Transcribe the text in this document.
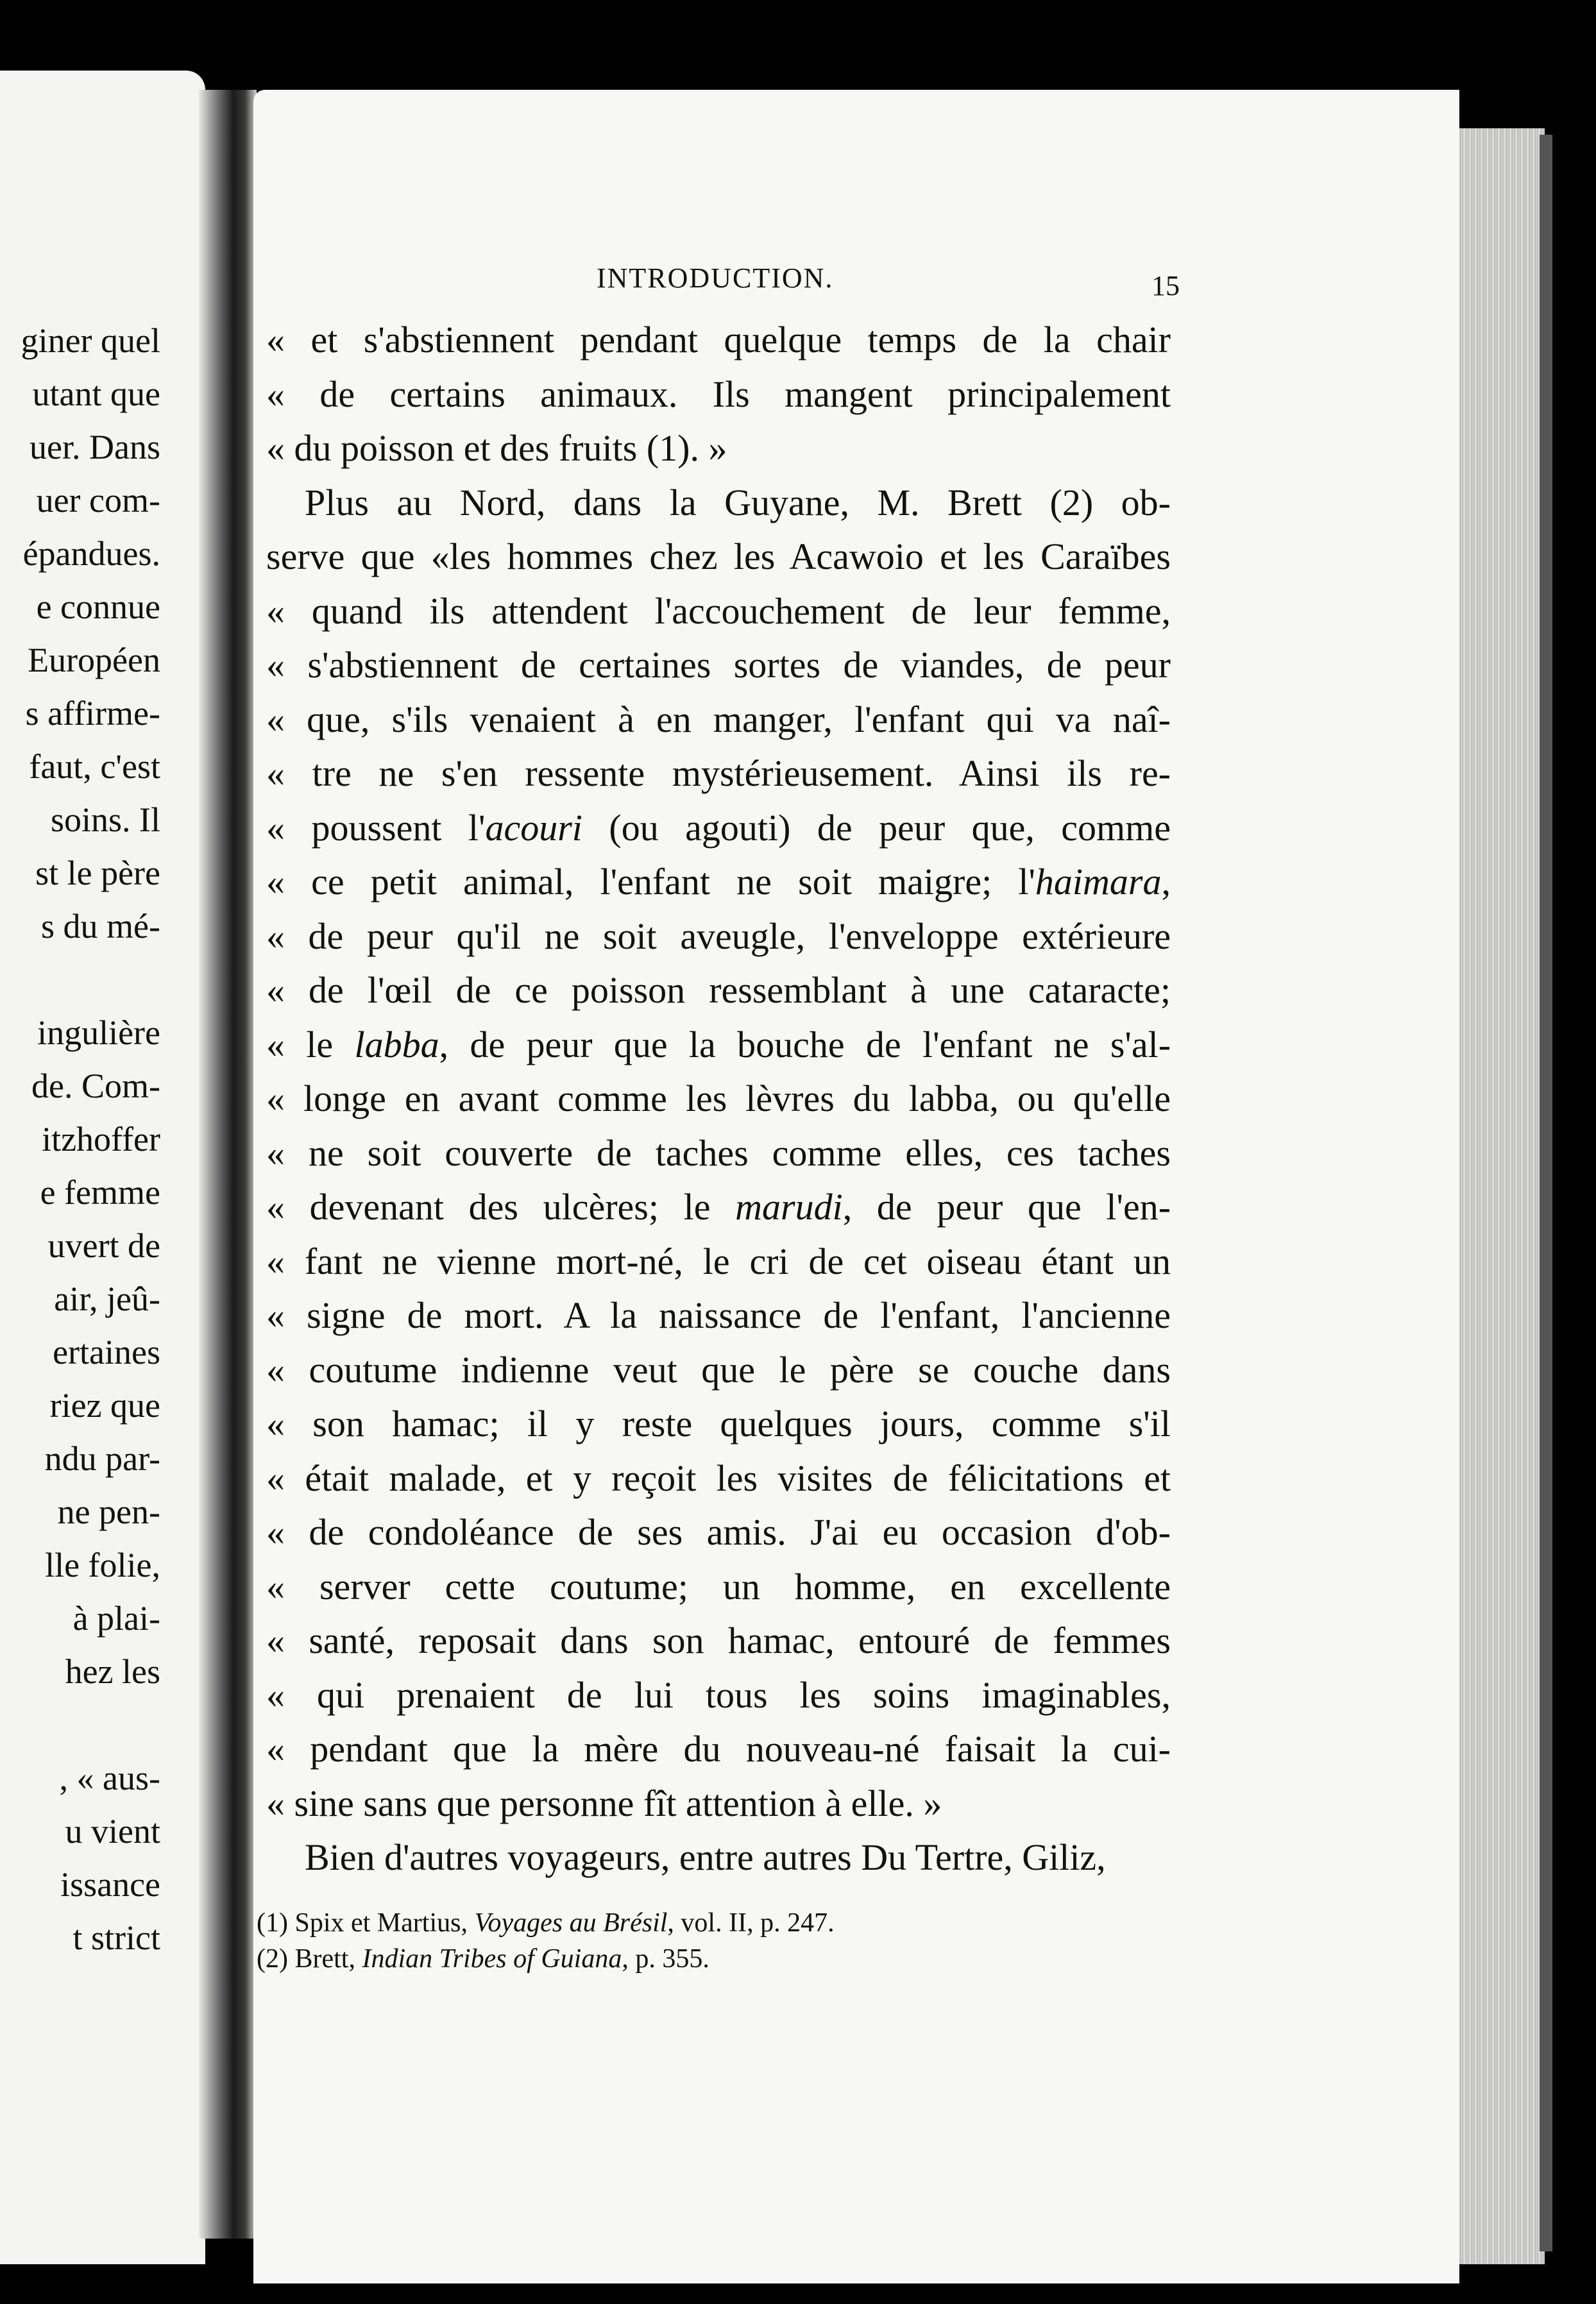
giner quel
utant que
uer. Dans
uer com-
épandues.
e connue
Européen
s affirme-
faut, c'est
soins. Il
st le père
s du mé-
ingulière
de. Com-
itzhoffer
e femme
uvert de
air, jeû-
ertaines
riez que
ndu par-
ne pen-
lle folie,
à plai-
hez les
, « aus-
u vient
issance
t strict
INTRODUCTION.	15
« et s'abstiennent pendant quelque temps de la chair
« de certains animaux. Ils mangent principalement
« du poisson et des fruits (1). »
Plus au Nord, dans la Guyane, M. Brett (2) ob-
serve que «les hommes chez les Acawoio et les Caraïbes
« quand ils attendent l'accouchement de leur femme,
« s'abstiennent de certaines sortes de viandes, de peur
« que, s'ils venaient à en manger, l'enfant qui va naî-
« tre ne s'en ressente mystérieusement. Ainsi ils re-
« poussent l'acouri (ou agouti) de peur que, comme
« ce petit animal, l'enfant ne soit maigre; l'haimara,
« de peur qu'il ne soit aveugle, l'enveloppe extérieure
« de l'œil de ce poisson ressemblant à une cataracte;
« le labba, de peur que la bouche de l'enfant ne s'al-
« longe en avant comme les lèvres du labba, ou qu'elle
« ne soit couverte de taches comme elles, ces taches
« devenant des ulcères; le marudi, de peur que l'en-
« fant ne vienne mort-né, le cri de cet oiseau étant un
« signe de mort. A la naissance de l'enfant, l'ancienne
« coutume indienne veut que le père se couche dans
« son hamac; il y reste quelques jours, comme s'il
« était malade, et y reçoit les visites de félicitations et
« de condoléance de ses amis. J'ai eu occasion d'ob-
« server cette coutume; un homme, en excellente
« santé, reposait dans son hamac, entouré de femmes
« qui prenaient de lui tous les soins imaginables,
« pendant que la mère du nouveau-né faisait la cui-
« sine sans que personne fît attention à elle. »
Bien d'autres voyageurs, entre autres Du Tertre, Giliz,
(1) Spix et Martius, Voyages au Brésil, vol. II, p. 247.
(2) Brett, Indian Tribes of Guiana, p. 355.
